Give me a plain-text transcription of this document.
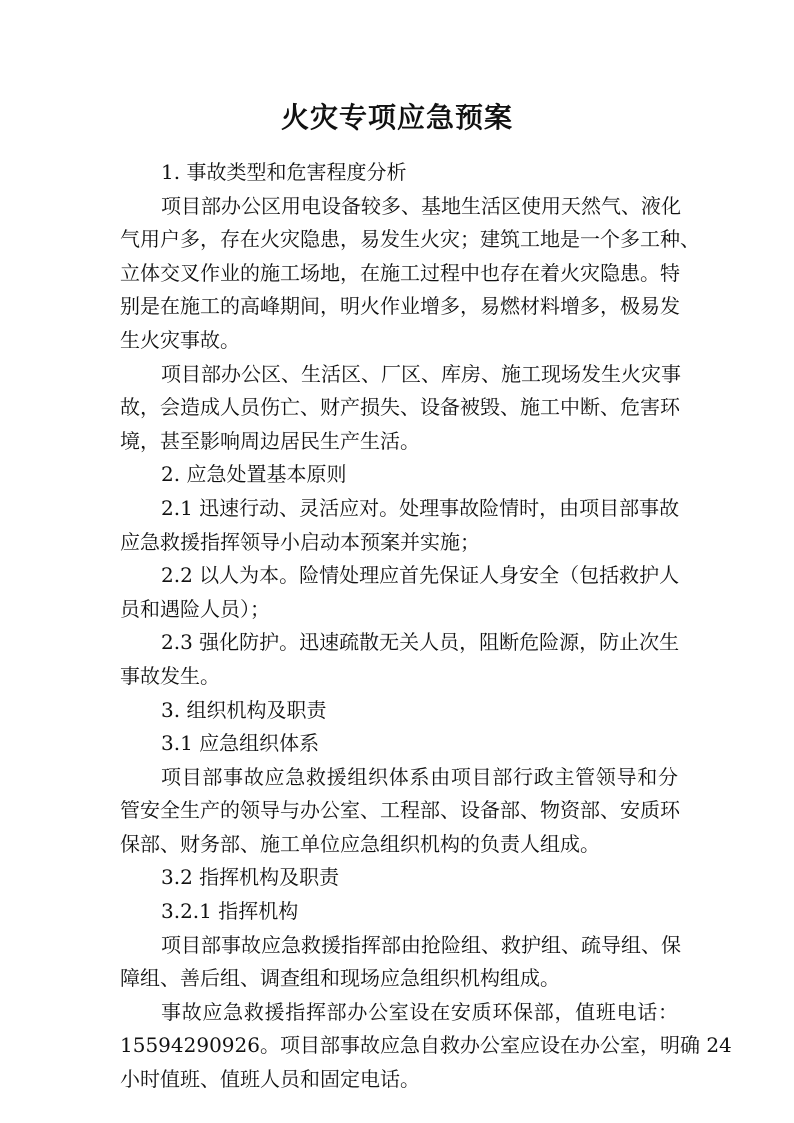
火灾专项应急预案
1. 事故类型和危害程度分析
项目部办公区用电设备较多、基地生活区使用天然气、液化
气用户多，存在火灾隐患，易发生火灾；建筑工地是一个多工种、
立体交叉作业的施工场地，在施工过程中也存在着火灾隐患。特
别是在施工的高峰期间，明火作业增多，易燃材料增多，极易发
生火灾事故。
项目部办公区、生活区、厂区、库房、施工现场发生火灾事
故，会造成人员伤亡、财产损失、设备被毁、施工中断、危害环
境，甚至影响周边居民生产生活。
2. 应急处置基本原则
2.1 迅速行动、灵活应对。处理事故险情时，由项目部事故
应急救援指挥领导小启动本预案并实施；
2.2 以人为本。险情处理应首先保证人身安全（包括救护人
员和遇险人员）；
2.3 强化防护。迅速疏散无关人员，阻断危险源，防止次生
事故发生。
3. 组织机构及职责
3.1 应急组织体系
项目部事故应急救援组织体系由项目部行政主管领导和分
管安全生产的领导与办公室、工程部、设备部、物资部、安质环
保部、财务部、施工单位应急组织机构的负责人组成。
3.2 指挥机构及职责
3.2.1 指挥机构
项目部事故应急救援指挥部由抢险组、救护组、疏导组、保
障组、善后组、调查组和现场应急组织机构组成。
事故应急救援指挥部办公室设在安质环保部，值班电话：
15594290926。项目部事故应急自救办公室应设在办公室，明确 24
小时值班、值班人员和固定电话。
